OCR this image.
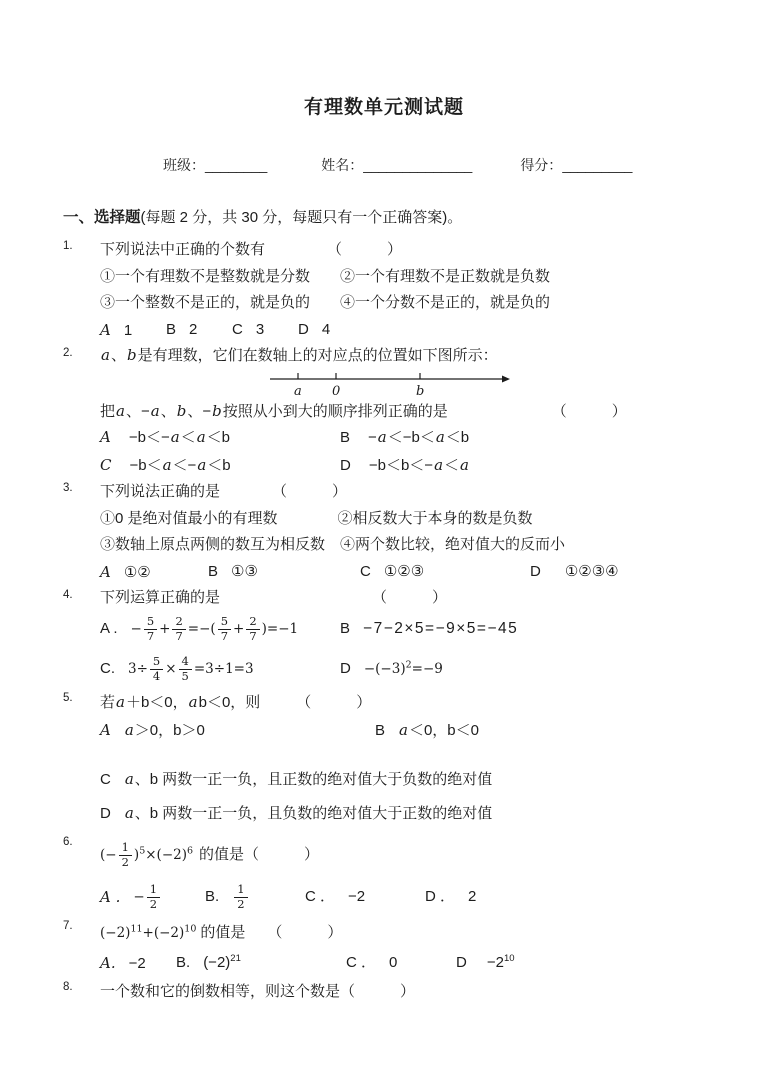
有理数单元测试题
班级：________	姓名：______________	得分：_________
一、选择题(每题 2 分，共 30 分，每题只有一个正确答案)。
1.	下列说法中正确的个数有	（　　　）
①一个有理数不是整数就是分数　　②一个有理数不是正数就是负数
③一个整数不是正的，就是负的　　④一个分数不是正的，就是负的
A 1 B 2 C 3 D 4
2.	a、b是有理数，它们在数轴上的对应点的位置如下图所示：
a 0	b
把a、−a、b、−b按照从小到大的顺序排列正确的是	（　　　）
A −b＜−a＜a＜b	B −a＜−b＜a＜b
C −b＜a＜−a＜b	D −b＜b＜−a＜a
3.	下列说法正确的是	（　　　）
①0 是绝对值最小的有理数　　　　②相反数大于本身的数是负数
③数轴上原点两侧的数互为相反数　④两个数比较，绝对值大的反而小
A ①②	B ①③	C ①②③	D ①②③④
4.	下列运算正确的是	（　　　）
A . − $\frac{5}{7} + \frac{2}{7}$ =−( $\frac{5}{7} + \frac{2}{7} )=-1$	B −7−2×5=−9×5=−45
C. $3\div \frac{5}{4} \times \frac{4}{5} =3\div 1=3$	$D -(-3)^2=-9$
5.	若a＋b＜0，ab＜0，则 （　　　）
A a＞0，b＞0	B a＜0，b＜0
C a、b 两数一正一负，且正数的绝对值大于负数的绝对值
D a、b 两数一正一负，且负数的绝对值大于正数的绝对值
6.
(− $\frac{1}{2} )^5\times(-2)^6$ 的值是（　　　）
A . − $\frac{1}{2}$	B. $\frac{1}{2}$	C ． −2	D ． 2
7.	$(-2)^{11}+(-2)^{10}$ 的值是 （　　　）
A. −2 B. $(-2)^{21}$	C ． 0	$D -2^{10}$
8.	一个数和它的倒数相等，则这个数是（　　　）
